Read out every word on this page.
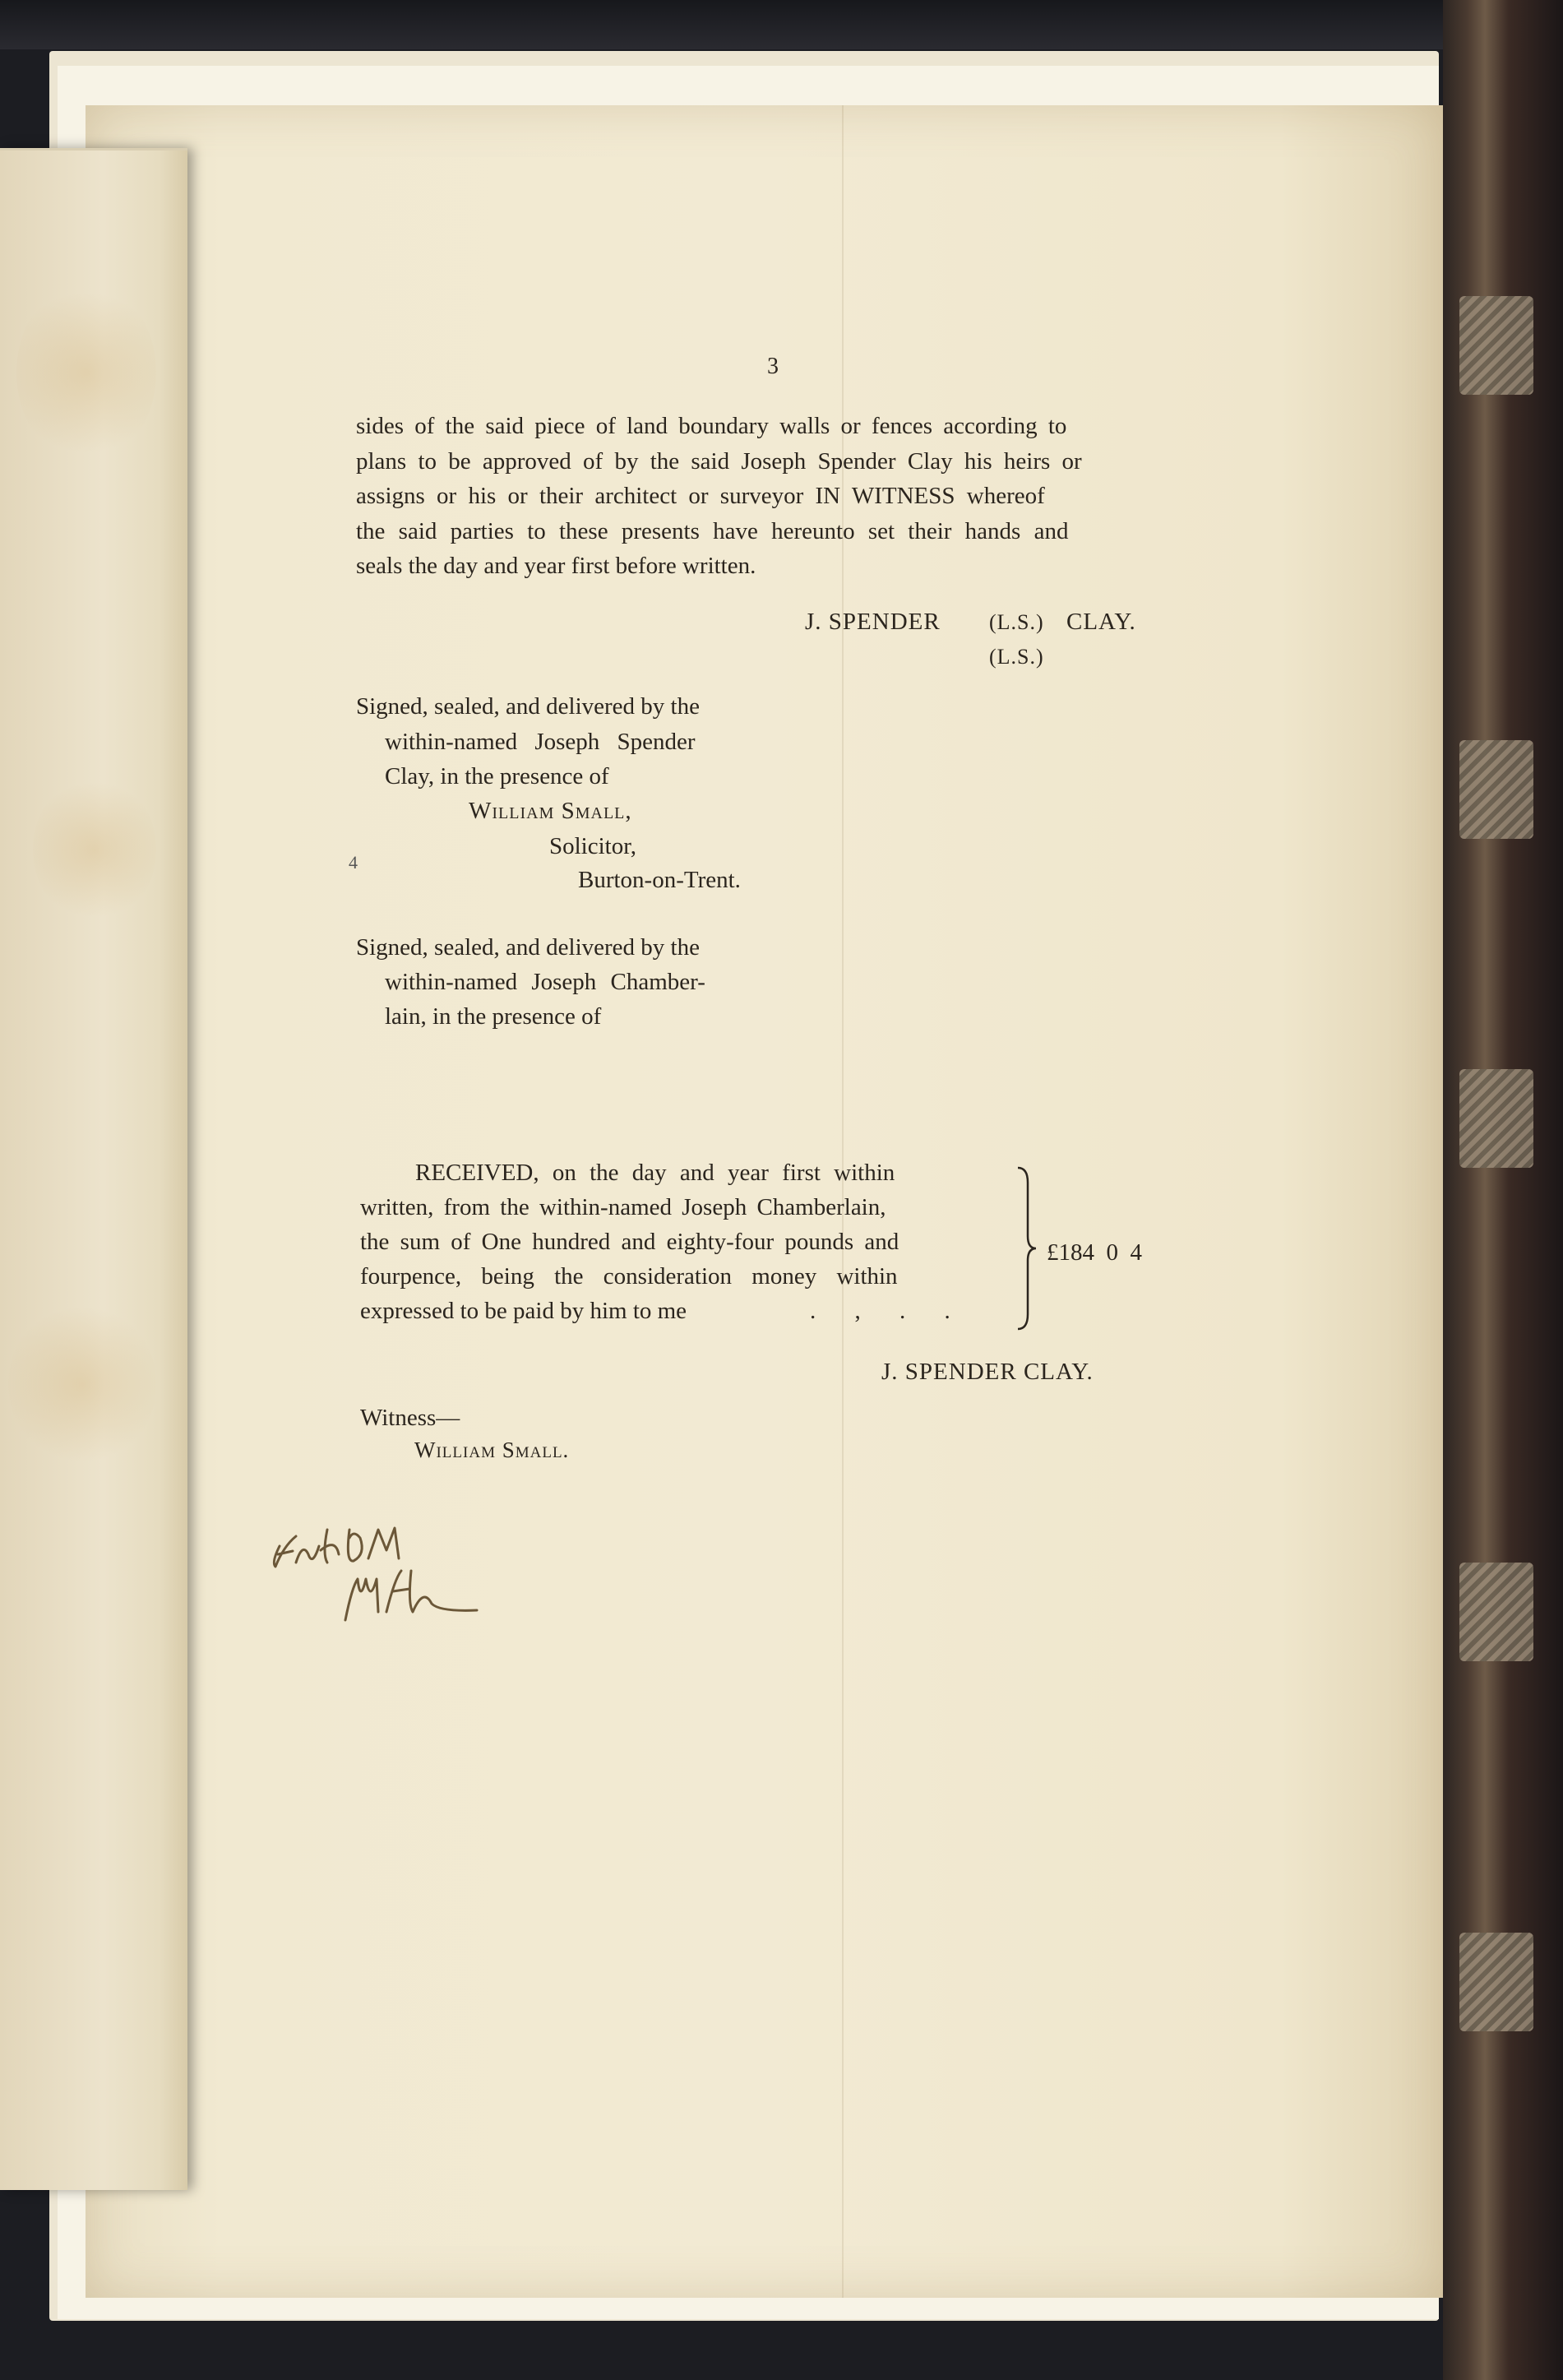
3
sides of the said piece of land boundary walls or fences according to
plans to be approved of by the said Joseph Spender Clay his heirs or
assigns or his or their architect or surveyor IN WITNESS whereof
the said parties to these presents have hereunto set their hands and
seals the day and year first before written.
J. SPENDER (L.S.) CLAY.
(L.S.)
Signed, sealed, and delivered by the
within-named Joseph Spender
Clay, in the presence of
William Small,
Solicitor,
Burton-on-Trent.
4
Signed, sealed, and delivered by the
within-named Joseph Chamber-
lain, in the presence of
RECEIVED, on the day and year first within
written, from the within-named Joseph Chamberlain,
the sum of One hundred and eighty-four pounds and
fourpence, being the consideration money within
expressed to be paid by him to me	. , . .
£184  0  4
J. SPENDER CLAY.
Witness—
William Small.
